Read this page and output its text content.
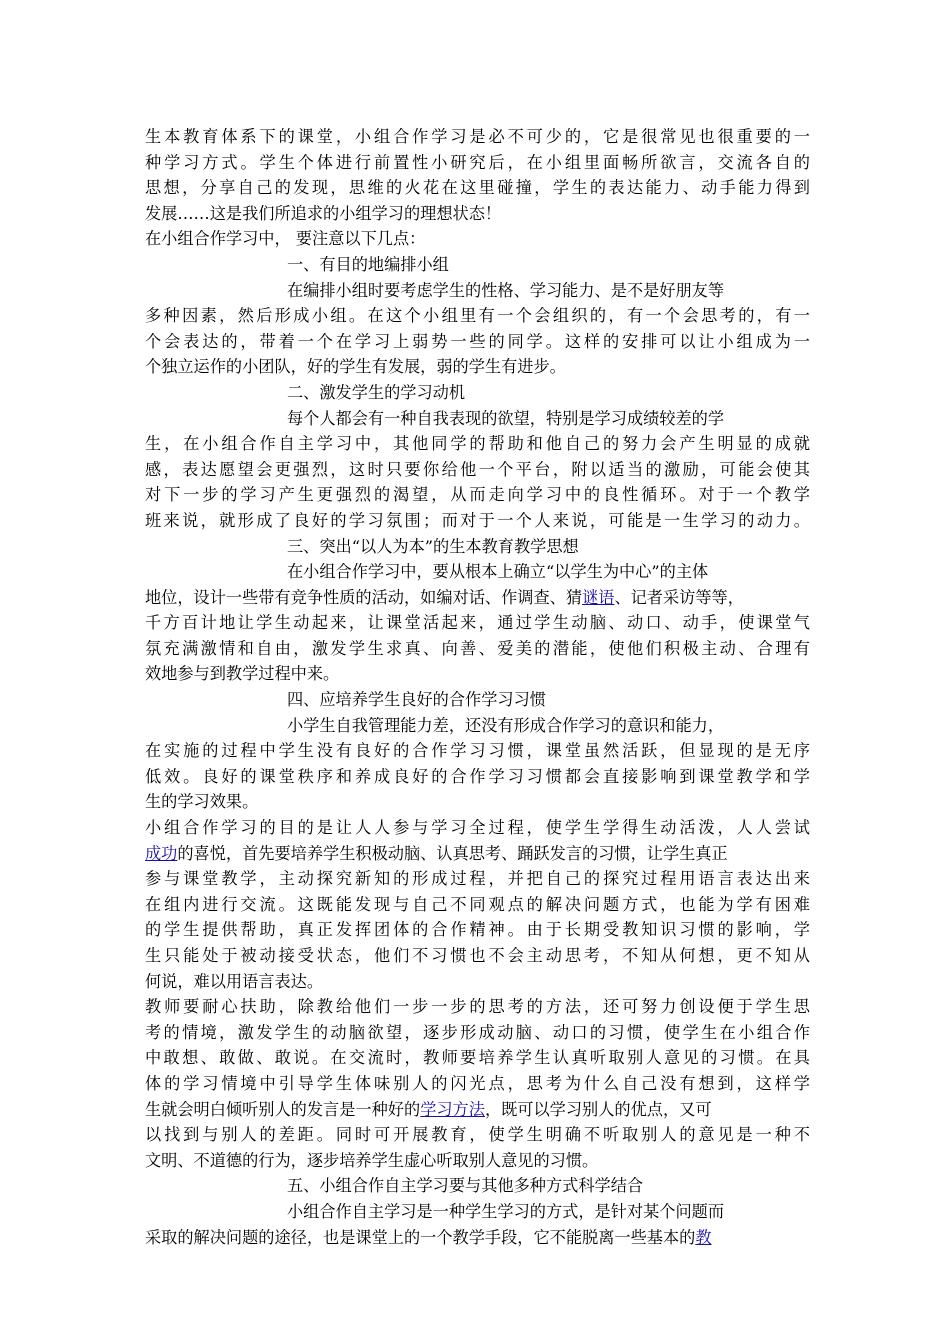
生本教育体系下的课堂，小组合作学习是必不可少的，它是很常见也很重要的一
种学习方式。学生个体进行前置性小研究后，在小组里面畅所欲言，交流各自的
思想，分享自己的发现，思维的火花在这里碰撞，学生的表达能力、动手能力得到
发展……这是我们所追求的小组学习的理想状态！
在小组合作学习中， 要注意以下几点：
一、有目的地编排小组
在编排小组时要考虑学生的性格、学习能力、是不是好朋友等
多种因素，然后形成小组。在这个小组里有一个会组织的，有一个会思考的，有一
个会表达的，带着一个在学习上弱势一些的同学。这样的安排可以让小组成为一
个独立运作的小团队，好的学生有发展，弱的学生有进步。
二、激发学生的学习动机
每个人都会有一种自我表现的欲望，特别是学习成绩较差的学
生，在小组合作自主学习中，其他同学的帮助和他自己的努力会产生明显的成就
感，表达愿望会更强烈，这时只要你给他一个平台，附以适当的激励，可能会使其
对下一步的学习产生更强烈的渴望，从而走向学习中的良性循环。对于一个教学
班来说，就形成了良好的学习氛围；而对于一个人来说，可能是一生学习的动力。
三、突出“以人为本”的生本教育教学思想
在小组合作学习中，要从根本上确立“以学生为中心”的主体
地位，设计一些带有竞争性质的活动，如编对话、作调查、猜谜语、记者采访等等，
千方百计地让学生动起来，让课堂活起来，通过学生动脑、动口、动手，使课堂气
氛充满激情和自由，激发学生求真、向善、爱美的潜能，使他们积极主动、合理有
效地参与到教学过程中来。
四、应培养学生良好的合作学习习惯
小学生自我管理能力差，还没有形成合作学习的意识和能力，
在实施的过程中学生没有良好的合作学习习惯，课堂虽然活跃，但显现的是无序
低效。良好的课堂秩序和养成良好的合作学习习惯都会直接影响到课堂教学和学
生的学习效果。
小组合作学习的目的是让人人参与学习全过程，使学生学得生动活泼，人人尝试
成功的喜悦，首先要培养学生积极动脑、认真思考、踊跃发言的习惯，让学生真正
参与课堂教学，主动探究新知的形成过程，并把自己的探究过程用语言表达出来
在组内进行交流。这既能发现与自己不同观点的解决问题方式，也能为学有困难
的学生提供帮助，真正发挥团体的合作精神。由于长期受教知识习惯的影响，学
生只能处于被动接受状态，他们不习惯也不会主动思考，不知从何想，更不知从
何说，难以用语言表达。
教师要耐心扶助，除教给他们一步一步的思考的方法，还可努力创设便于学生思
考的情境，激发学生的动脑欲望，逐步形成动脑、动口的习惯，使学生在小组合作
中敢想、敢做、敢说。在交流时，教师要培养学生认真听取别人意见的习惯。在具
体的学习情境中引导学生体味别人的闪光点，思考为什么自己没有想到，这样学
生就会明白倾听别人的发言是一种好的学习方法，既可以学习别人的优点，又可
以找到与别人的差距。同时可开展教育，使学生明确不听取别人的意见是一种不
文明、不道德的行为，逐步培养学生虚心听取别人意见的习惯。
五、小组合作自主学习要与其他多种方式科学结合
小组合作自主学习是一种学生学习的方式，是针对某个问题而
采取的解决问题的途径，也是课堂上的一个教学手段，它不能脱离一些基本的教
